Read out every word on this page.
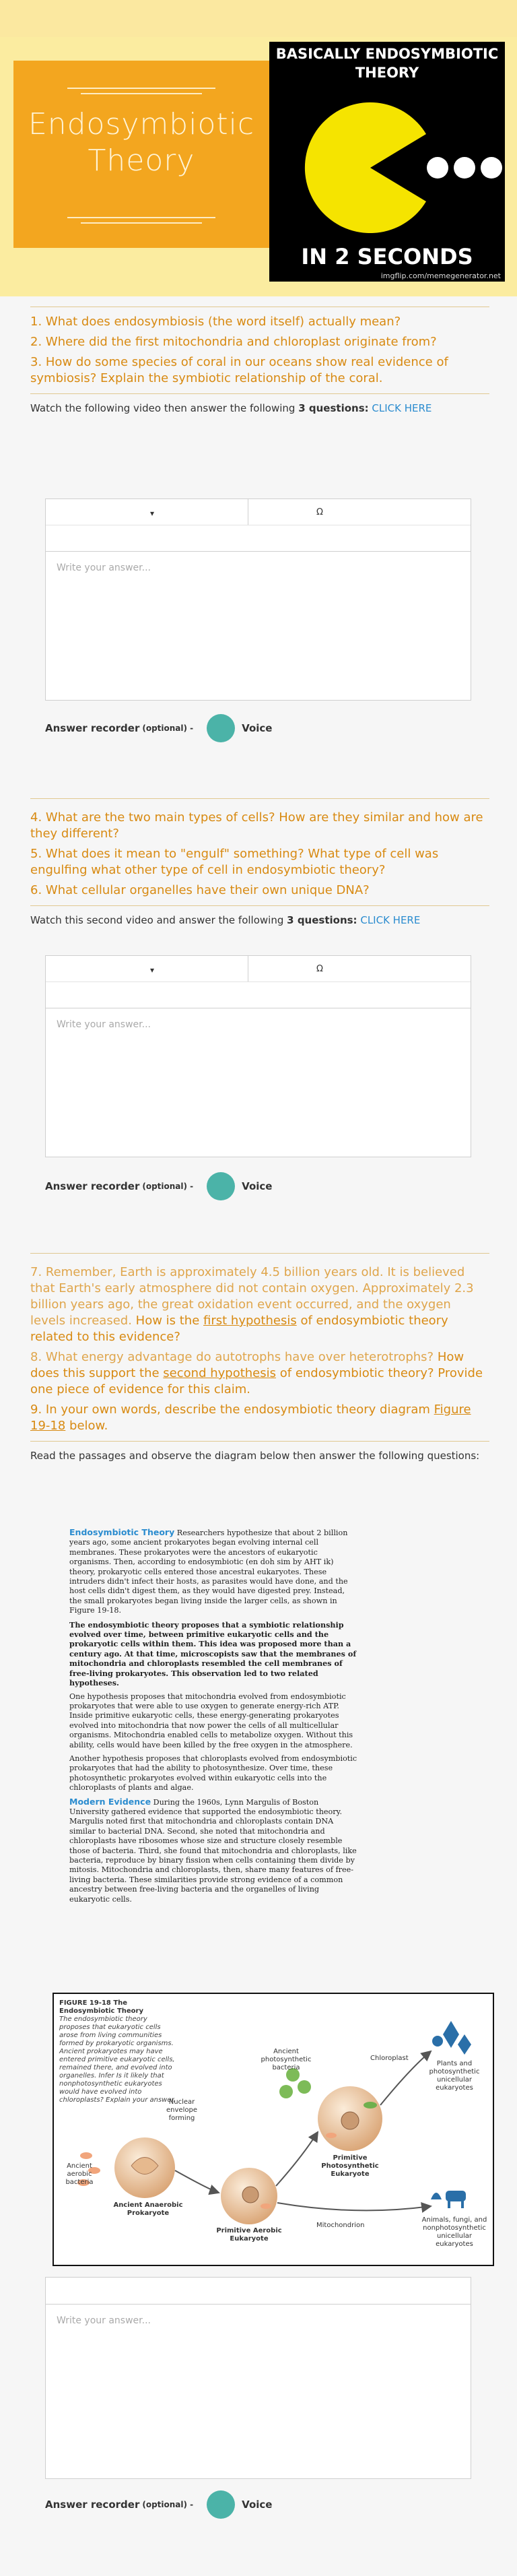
Endosymbiotic
Theory
BASICALLY ENDOSYMBIOTIC THEORY
IN 2 SECONDS
imgflip.com/memegenerator.net
1. What does endosymbiosis (the word itself) actually mean?
2. Where did the first mitochondria and chloroplast originate from?
3. How do some species of coral in our oceans show real evidence of symbiosis? Explain the symbiotic relationship of the coral.
Watch the following video then answer the following 3 questions: CLICK HERE
▾	Ω
Write your answer...
Answer recorder (optional) -	Voice
4. What are the two main types of cells? How are they similar and how are they different?
5. What does it mean to "engulf" something? What type of cell was engulfing what other type of cell in endosymbiotic theory?
6. What cellular organelles have their own unique DNA?
Watch this second video and answer the following 3 questions: CLICK HERE
▾	Ω
Write your answer...
Answer recorder (optional) -	Voice
7. Remember, Earth is approximately 4.5 billion years old. It is believed that Earth's early atmosphere did not contain oxygen. Approximately 2.3 billion years ago, the great oxidation event occurred, and the oxygen levels increased. How is the first hypothesis of endosymbiotic theory related to this evidence?
8. What energy advantage do autotrophs have over heterotrophs? How does this support the second hypothesis of endosymbiotic theory? Provide one piece of evidence for this claim.
9. In your own words, describe the endosymbiotic theory diagram Figure 19-18 below.
Read the passages and observe the diagram below then answer the following questions:

Endosymbiotic Theory Researchers hypothesize that about 2 billion years ago, some ancient prokaryotes began evolving internal cell membranes. These prokaryotes were the ancestors of eukaryotic organisms. Then, according to endosymbiotic (en doh sim by AHT ik) theory, prokaryotic cells entered those ancestral eukaryotes. These intruders didn't infect their hosts, as parasites would have done, and the host cells didn't digest them, as they would have digested prey. Instead, the small prokaryotes began living inside the larger cells, as shown in Figure 19-18.

The endosymbiotic theory proposes that a symbiotic relationship evolved over time, between primitive eukaryotic cells and the prokaryotic cells within them. This idea was proposed more than a century ago. At that time, microscopists saw that the membranes of mitochondria and chloroplasts resembled the cell membranes of free-living prokaryotes. This observation led to two related hypotheses.

One hypothesis proposes that mitochondria evolved from endosymbiotic prokaryotes that were able to use oxygen to generate energy-rich ATP. Inside primitive eukaryotic cells, these energy-generating prokaryotes evolved into mitochondria that now power the cells of all multicellular organisms. Mitochondria enabled cells to metabolize oxygen. Without this ability, cells would have been killed by the free oxygen in the atmosphere.

Another hypothesis proposes that chloroplasts evolved from endosymbiotic prokaryotes that had the ability to photosynthesize. Over time, these photosynthetic prokaryotes evolved within eukaryotic cells into the chloroplasts of plants and algae.

Modern Evidence During the 1960s, Lynn Margulis of Boston University gathered evidence that supported the endosymbiotic theory. Margulis noted first that mitochondria and chloroplasts contain DNA similar to bacterial DNA. Second, she noted that mitochondria and chloroplasts have ribosomes whose size and structure closely resemble those of bacteria. Third, she found that mitochondria and chloroplasts, like bacteria, reproduce by binary fission when cells containing them divide by mitosis. Mitochondria and chloroplasts, then, share many features of free-living bacteria. These similarities provide strong evidence of a common ancestry between free-living bacteria and the organelles of living eukaryotic cells.

FIGURE 19-18 The Endosymbiotic Theory
The endosymbiotic theory proposes that eukaryotic cells arose from living communities formed by prokaryotic organisms. Ancient prokaryotes may have entered primitive eukaryotic cells, remained there, and evolved into organelles. Infer Is it likely that nonphotosynthetic eukaryotes would have evolved into chloroplasts? Explain your answer.
Ancient aerobic bacteria
Nuclear envelope forming
Ancient Anaerobic Prokaryote
Primitive Aerobic Eukaryote
Ancient photosynthetic bacteria
Chloroplast
Primitive Photosynthetic Eukaryote
Mitochondrion
Plants and photosynthetic unicellular eukaryotes
Animals, fungi, and nonphotosynthetic unicellular eukaryotes
Write your answer...
Answer recorder (optional) -	Voice
